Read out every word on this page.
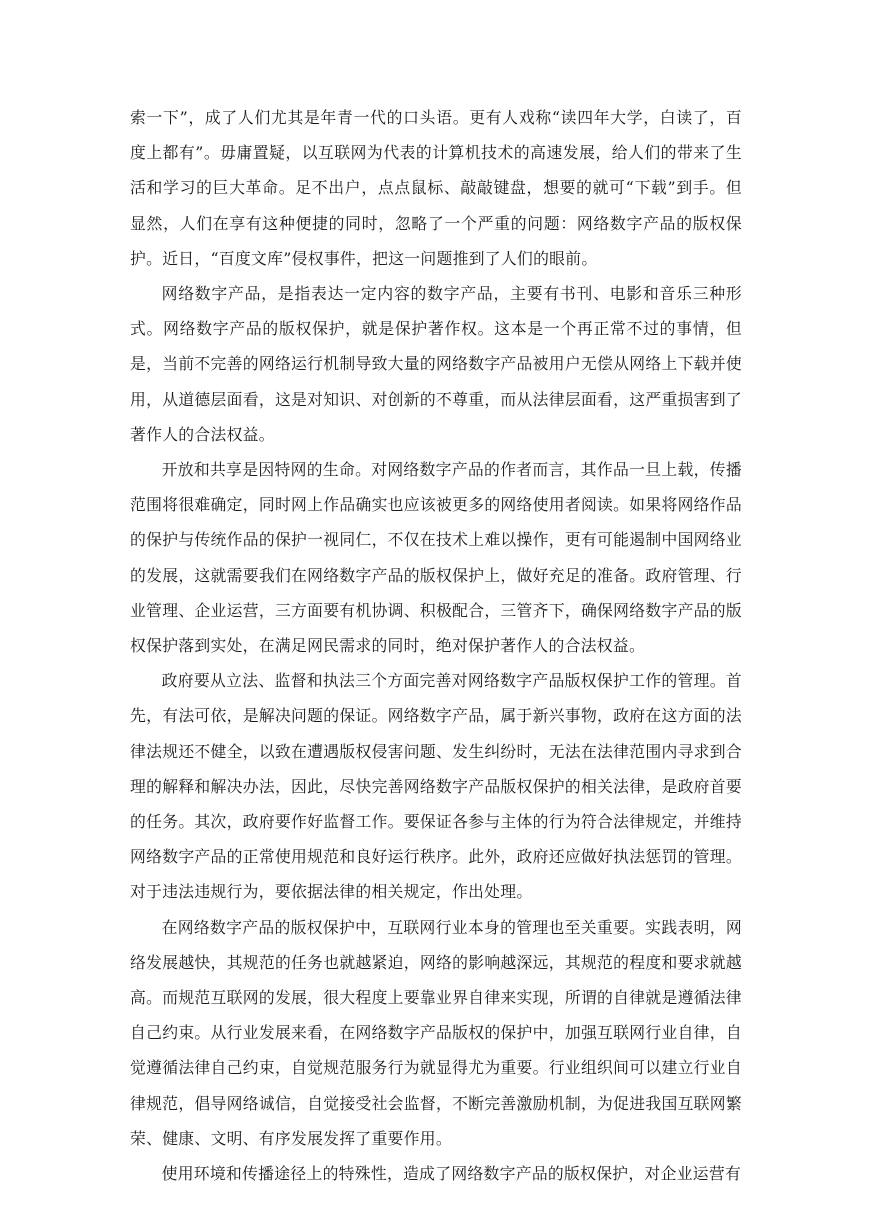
索一下”，成了人们尤其是年青一代的口头语。更有人戏称“读四年大学，白读了，百度上都有”。毋庸置疑，以互联网为代表的计算机技术的高速发展，给人们的带来了生活和学习的巨大革命。足不出户，点点鼠标、敲敲键盘，想要的就可“下载”到手。但显然，人们在享有这种便捷的同时，忽略了一个严重的问题：网络数字产品的版权保护。近日，“百度文库”侵权事件，把这一问题推到了人们的眼前。

网络数字产品，是指表达一定内容的数字产品，主要有书刊、电影和音乐三种形式。网络数字产品的版权保护，就是保护著作权。这本是一个再正常不过的事情，但是，当前不完善的网络运行机制导致大量的网络数字产品被用户无偿从网络上下载并使用，从道德层面看，这是对知识、对创新的不尊重，而从法律层面看，这严重损害到了著作人的合法权益。

开放和共享是因特网的生命。对网络数字产品的作者而言，其作品一旦上载，传播范围将很难确定，同时网上作品确实也应该被更多的网络使用者阅读。如果将网络作品的保护与传统作品的保护一视同仁，不仅在技术上难以操作，更有可能遏制中国网络业的发展，这就需要我们在网络数字产品的版权保护上，做好充足的准备。政府管理、行业管理、企业运营，三方面要有机协调、积极配合，三管齐下，确保网络数字产品的版权保护落到实处，在满足网民需求的同时，绝对保护著作人的合法权益。

政府要从立法、监督和执法三个方面完善对网络数字产品版权保护工作的管理。首先，有法可依，是解决问题的保证。网络数字产品，属于新兴事物，政府在这方面的法律法规还不健全，以致在遭遇版权侵害问题、发生纠纷时，无法在法律范围内寻求到合理的解释和解决办法，因此，尽快完善网络数字产品版权保护的相关法律，是政府首要的任务。其次，政府要作好监督工作。要保证各参与主体的行为符合法律规定，并维持网络数字产品的正常使用规范和良好运行秩序。此外，政府还应做好执法惩罚的管理。对于违法违规行为，要依据法律的相关规定，作出处理。

在网络数字产品的版权保护中，互联网行业本身的管理也至关重要。实践表明，网络发展越快，其规范的任务也就越紧迫，网络的影响越深远，其规范的程度和要求就越高。而规范互联网的发展，很大程度上要靠业界自律来实现，所谓的自律就是遵循法律自己约束。从行业发展来看，在网络数字产品版权的保护中，加强互联网行业自律，自觉遵循法律自己约束，自觉规范服务行为就显得尤为重要。行业组织间可以建立行业自律规范，倡导网络诚信，自觉接受社会监督，不断完善激励机制，为促进我国互联网繁荣、健康、文明、有序发展发挥了重要作用。

使用环境和传播途径上的特殊性，造成了网络数字产品的版权保护，对企业运营有
